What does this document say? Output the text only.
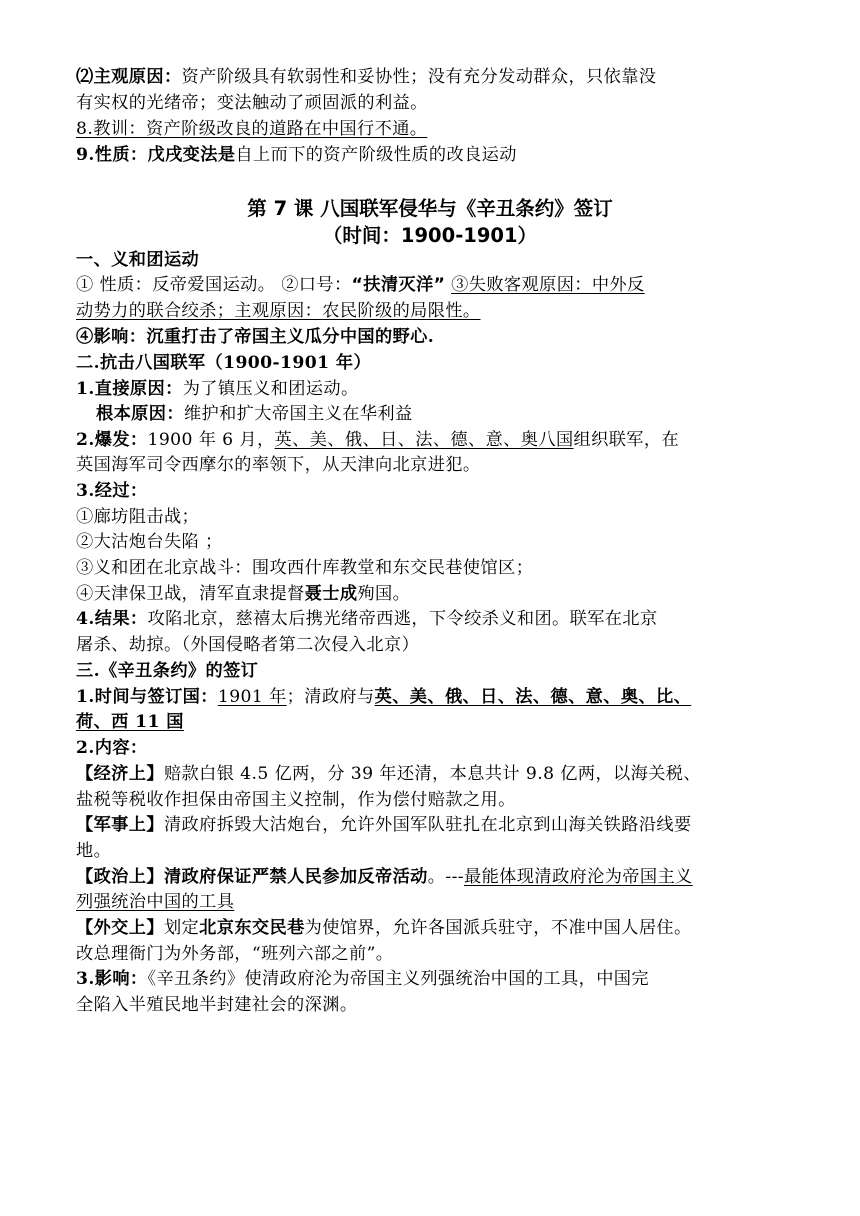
⑵主观原因：资产阶级具有软弱性和妥协性；没有充分发动群众，只依靠没
有实权的光绪帝；变法触动了顽固派的利益。
8.教训：资产阶级改良的道路在中国行不通。
9.性质：戊戌变法是自上而下的资产阶级性质的改良运动
第 7 课 八国联军侵华与《辛丑条约》签订
（时间：1900-1901）
一、义和团运动
① 性质：反帝爱国运动。 ②口号：“扶清灭洋” ③失败客观原因：中外反
动势力的联合绞杀；主观原因：农民阶级的局限性。
④影响：沉重打击了帝国主义瓜分中国的野心.
二.抗击八国联军（1900-1901 年）
1.直接原因：为了镇压义和团运动。
根本原因：维护和扩大帝国主义在华利益
2.爆发：1900 年 6 月，英、美、俄、日、法、德、意、奥八国组织联军，在
英国海军司令西摩尔的率领下，从天津向北京进犯。
3.经过：
①廊坊阻击战；
②大沽炮台失陷 ；
③义和团在北京战斗：围攻西什库教堂和东交民巷使馆区；
④天津保卫战，清军直隶提督聂士成殉国。
4.结果：攻陷北京，慈禧太后携光绪帝西逃，下令绞杀义和团。联军在北京
屠杀、劫掠。（外国侵略者第二次侵入北京）
三.《辛丑条约》的签订
1.时间与签订国：1901 年；清政府与英、美、俄、日、法、德、意、奥、比、
荷、西 11 国
2.内容：
【经济上】赔款白银 4.5 亿两，分 39 年还清，本息共计 9.8 亿两，以海关税、
盐税等税收作担保由帝国主义控制，作为偿付赔款之用。
【军事上】清政府拆毁大沽炮台，允许外国军队驻扎在北京到山海关铁路沿线要
地。
【政治上】清政府保证严禁人民参加反帝活动。---最能体现清政府沦为帝国主义
列强统治中国的工具
【外交上】划定北京东交民巷为使馆界，允许各国派兵驻守，不准中国人居住。
改总理衙门为外务部，“班列六部之前”。
3.影响：《辛丑条约》使清政府沦为帝国主义列强统治中国的工具，中国完
全陷入半殖民地半封建社会的深渊。
